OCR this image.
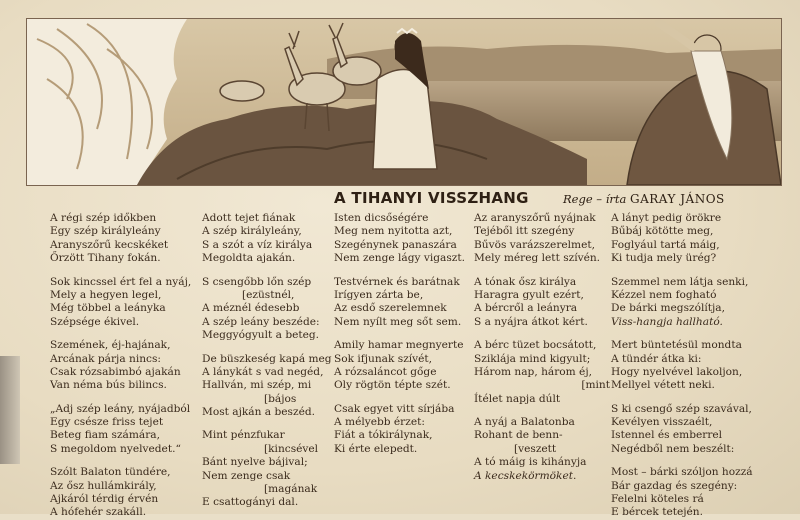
A TIHANYI VISSZHANG	Rege – írta GARAY JÁNOS
A régi szép időkben
Egy szép királyleány
Aranyszőrű kecskéket
Őrzött Tihany fokán.
Sok kincssel ért fel a nyáj,
Mely a hegyen legel,
Még többel a leányka
Szépsége ékivel.
Szemének, éj-hajának,
Arcának párja nincs:
Csak rózsabimbó ajakán
Van néma bús bilincs.
„Adj szép leány, nyájadból
Egy csésze friss tejet
Beteg fiam számára,
S megoldom nyelvedet.“
Szólt Balaton tündére,
Az ősz hullámkirály,
Ajkáról térdig érvén
A hófehér szakáll.
Adott tejet fiának
A szép királyleány,
S a szót a víz királya
Megoldta ajakán.
S csengőbb lőn szép
[ezüstnél,
A méznél édesebb
A szép leány beszéde:
Meggyógyult a beteg.
De büszkeség kapá meg
A lánykát s vad negéd,
Hallván, mi szép, mi
[bájos
Most ajkán a beszéd.
Mint pénzfukar
[kincsével
Bánt nyelve bájival;
Nem zenge csak
[magának
E csattogányi dal.
Isten dicsőségére
Meg nem nyitotta azt,
Szegénynek panaszára
Nem zenge lágy vigaszt.
Testvérnek és barátnak
Irígyen zárta be,
Az esdő szerelemnek
Nem nyílt meg sőt sem.
Amily hamar megnyerte
Sok ifjunak szívét,
A rózsaláncot gőge
Oly rögtön tépte szét.
Csak egyet vitt sírjába
A mélyebb érzet:
Fiát a tókirálynak,
Ki érte elepedt.
Az aranyszőrű nyájnak
Tejéből itt szegény
Bűvös varázszerelmet,
Mely méreg lett szívén.
A tónak ősz királya
Haragra gyult ezért,
A bércről a leányra
S a nyájra átkot kért.
A bérc tüzet bocsátott,
Sziklája mind kigyult;
Három nap, három éj,
[mint
Ítélet napja dúlt
A nyáj a Balatonba
Rohant de benn-
[veszett
A tó máig is kihányja
A kecskekörmöket.
A lányt pedig örökre
Bűbáj kötötte meg,
Foglyául tartá máig,
Ki tudja mely ürég?
Szemmel nem látja senki,
Kézzel nem fogható
De bárki megszólítja,
Viss-hangja hallható.
Mert büntetésül mondta
A tündér átka ki:
Hogy nyelvével lakoljon,
Mellyel vétett neki.
S ki csengő szép szavával,
Kevélyen visszaélt,
Istennel és emberrel
Negédből nem beszélt:
Most – bárki szóljon hozzá
Bár gazdag és szegény:
Felelni köteles rá
E bércek tetején.
